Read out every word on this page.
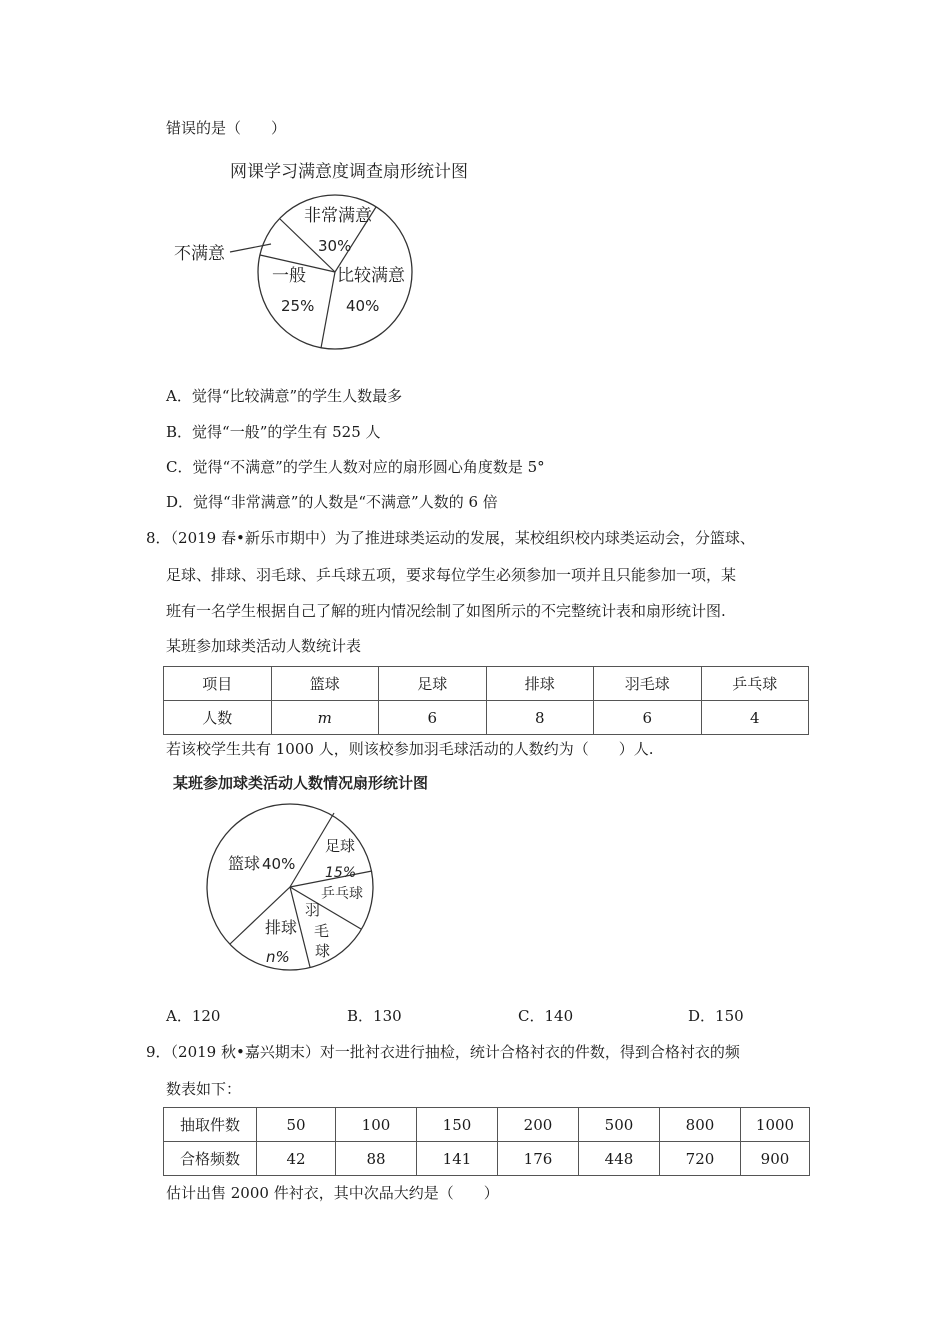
错误的是（　　）
网课学习满意度调查扇形统计图
非常满意
30%
比较满意
40%
一般
25%
不满意
A．觉得“比较满意”的学生人数最多
B．觉得“一般”的学生有 525 人
C．觉得“不满意”的学生人数对应的扇形圆心角度数是 5°
D．觉得“非常满意”的人数是“不满意”人数的 6 倍
8．（2019 春•新乐市期中）为了推进球类运动的发展，某校组织校内球类运动会，分篮球、
足球、排球、羽毛球、乒乓球五项，要求每位学生必须参加一项并且只能参加一项，某
班有一名学生根据自己了解的班内情况绘制了如图所示的不完整统计表和扇形统计图.
某班参加球类活动人数统计表
项目	篮球	足球	排球	羽毛球	乒乓球
人数	m	6	8	6	4
若该校学生共有 1000 人，则该校参加羽毛球活动的人数约为（　　）人.
某班参加球类活动人数情况扇形统计图
篮球 40%
足球
15%
乒乓球
羽
毛
球
排球
n%
A．120	B．130	C．140	D．150
9．（2019 秋•嘉兴期末）对一批衬衣进行抽检，统计合格衬衣的件数，得到合格衬衣的频
数表如下：
抽取件数	50	100	150	200	500	800	1000
合格频数	42	88	141	176	448	720	900
估计出售 2000 件衬衣，其中次品大约是（　　）
